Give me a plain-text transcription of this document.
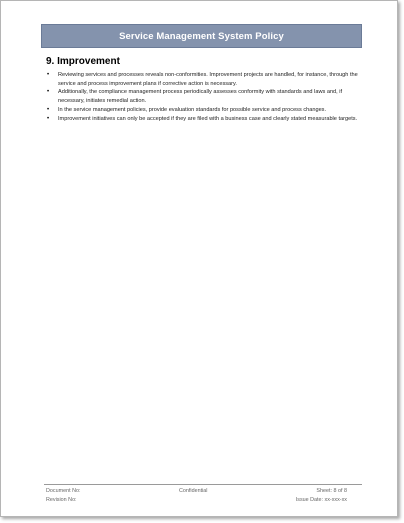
Service Management System Policy
9. Improvement
• Reviewing services and processes reveals non-conformities. Improvement projects are handled, for instance, through the service and process improvement plans if corrective action is necessary.
• Additionally, the compliance management process periodically assesses conformity with standards and laws and, if necessary, initiates remedial action.
• In the service management policies, provide evaluation standards for possible service and process changes.
• Improvement initiatives can only be accepted if they are filed with a business case and clearly stated measurable targets.
Document No:	Confidential	Sheet: 8 of 8
Revision No:	Issue Date: xx-xxx-xx
